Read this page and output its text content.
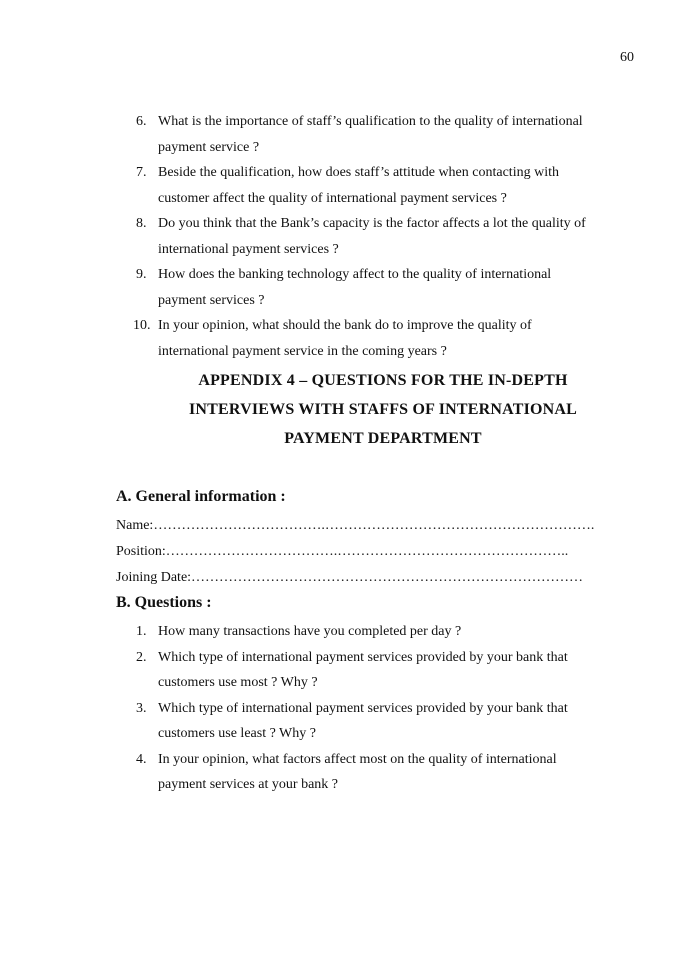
60
6. What is the importance of staff’s qualification to the quality of international
payment service ?
7. Beside the qualification, how does staff’s attitude when contacting with
customer affect the quality of international payment services ?
8. Do you think that the Bank’s capacity is the factor affects a lot the quality of
international payment services ?
9. How does the banking technology affect to the quality of international
payment services ?
10. In your opinion, what should the bank do to improve the quality of
international payment service in the coming years ?
APPENDIX 4 – QUESTIONS FOR THE IN-DEPTH
INTERVIEWS WITH STAFFS OF INTERNATIONAL
PAYMENT DEPARTMENT
A. General information :
Name:……………………………….………………………………………………….
Position:……………………………….…………………………………………..
Joining Date:…………………………………………………………………………
B. Questions :
1. How many transactions have you completed per day ?
2. Which type of international payment services provided by your bank that
customers use most ? Why ?
3. Which type of international payment services provided by your bank that
customers use least ? Why ?
4. In your opinion, what factors affect most on the quality of international
payment services at your bank ?
